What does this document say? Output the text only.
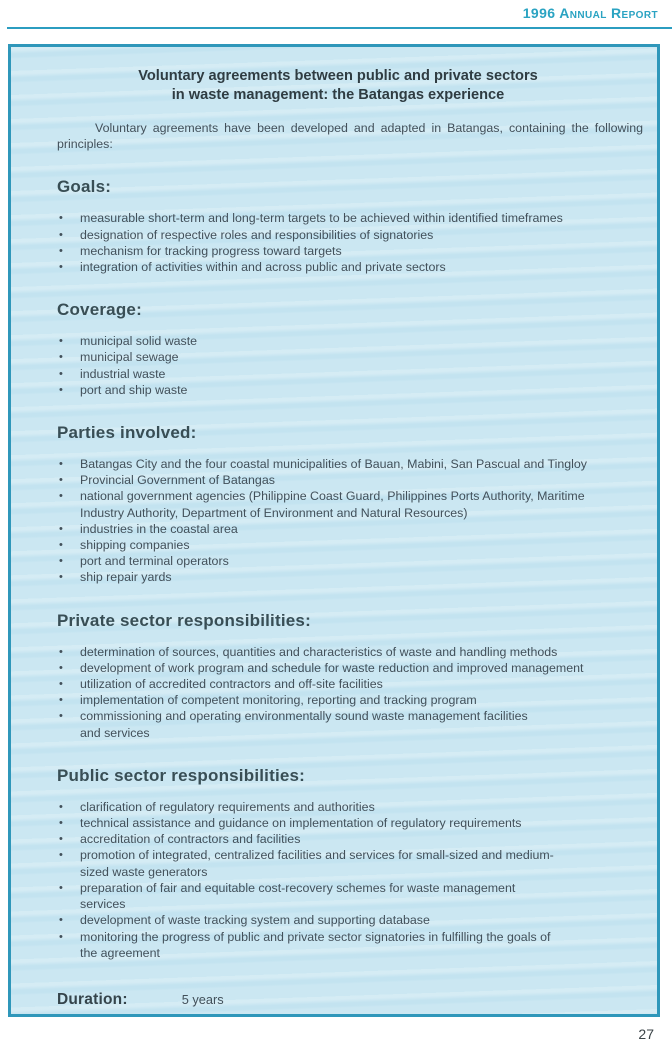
1996 Annual Report
Voluntary agreements between public and private sectors
in waste management: the Batangas experience

Voluntary agreements have been developed and adapted in Batangas, containing the following principles:

Goals:
• measurable short-term and long-term targets to be achieved within identified timeframes
• designation of respective roles and responsibilities of signatories
• mechanism for tracking progress toward targets
• integration of activities within and across public and private sectors
Coverage:
• municipal solid waste
• municipal sewage
• industrial waste
• port and ship waste
Parties involved:
• Batangas City and the four coastal municipalities of Bauan, Mabini, San Pascual and Tingloy
• Provincial Government of Batangas
• national government agencies (Philippine Coast Guard, Philippines Ports Authority, Maritime Industry Authority, Department of Environment and Natural Resources)
• industries in the coastal area
• shipping companies
• port and terminal operators
• ship repair yards
Private sector responsibilities:
• determination of sources, quantities and characteristics of waste and handling methods
• development of work program and schedule for waste reduction and improved management
• utilization of accredited contractors and off-site facilities
• implementation of competent monitoring, reporting and tracking program
• commissioning and operating environmentally sound waste management facilities and services
Public sector responsibilities:
• clarification of regulatory requirements and authorities
• technical assistance and guidance on implementation of regulatory requirements
• accreditation of contractors and facilities
• promotion of integrated, centralized facilities and services for small-sized and medium-sized waste generators
• preparation of fair and equitable cost-recovery schemes for waste management services
• development of waste tracking system and supporting database
• monitoring the progress of public and private sector signatories in fulfilling the goals of the agreement
Duration:	5 years
27
